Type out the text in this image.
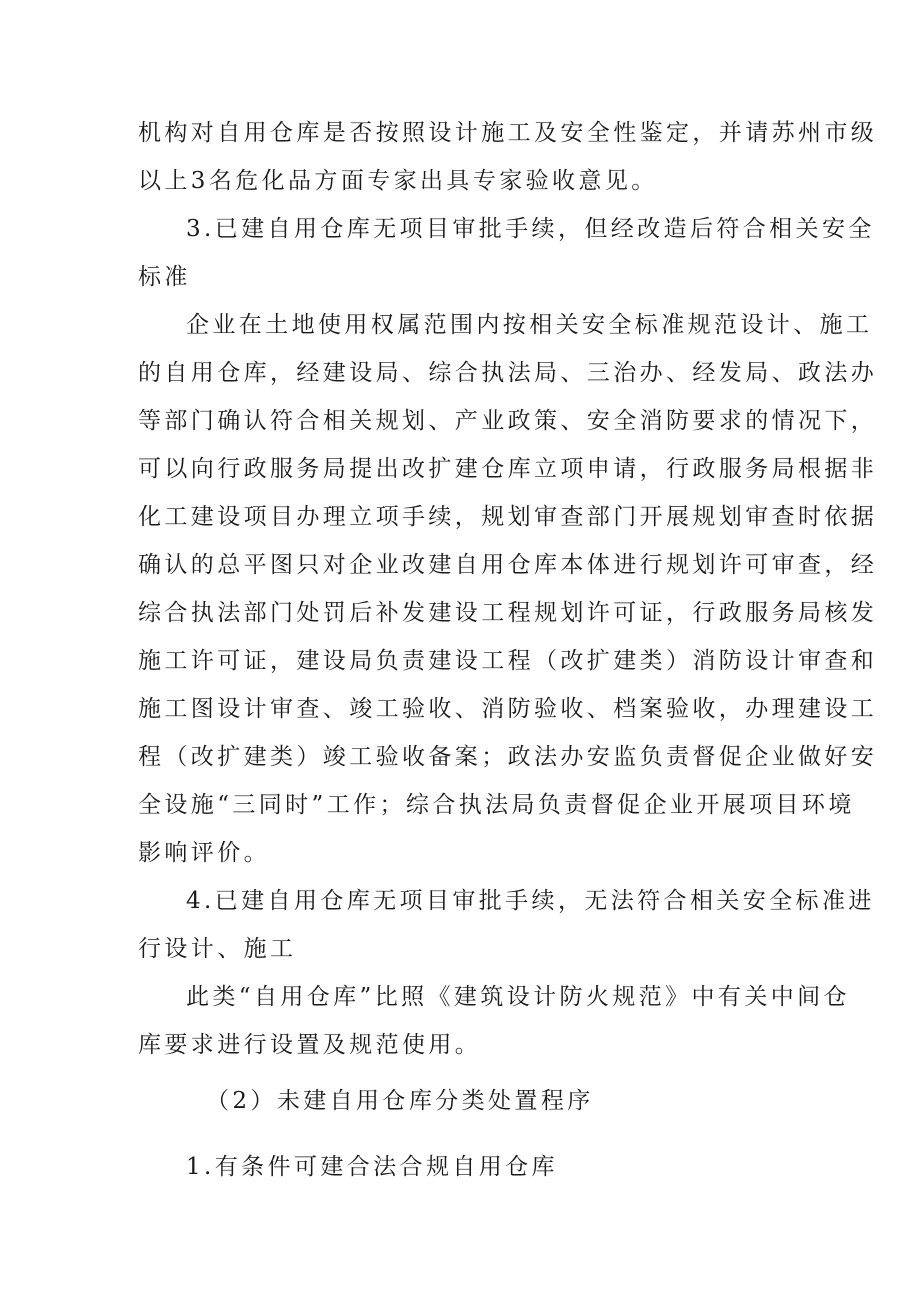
机构对自用仓库是否按照设计施工及安全性鉴定，并请苏州市级
以上3名危化品方面专家出具专家验收意见。
3.已建自用仓库无项目审批手续，但经改造后符合相关安全
标准
企业在土地使用权属范围内按相关安全标准规范设计、施工
的自用仓库，经建设局、综合执法局、三治办、经发局、政法办
等部门确认符合相关规划、产业政策、安全消防要求的情况下，
可以向行政服务局提出改扩建仓库立项申请，行政服务局根据非
化工建设项目办理立项手续，规划审查部门开展规划审查时依据
确认的总平图只对企业改建自用仓库本体进行规划许可审查，经
综合执法部门处罚后补发建设工程规划许可证，行政服务局核发
施工许可证，建设局负责建设工程（改扩建类）消防设计审查和
施工图设计审查、竣工验收、消防验收、档案验收，办理建设工
程（改扩建类）竣工验收备案；政法办安监负责督促企业做好安
全设施“三同时”工作；综合执法局负责督促企业开展项目环境
影响评价。
4.已建自用仓库无项目审批手续，无法符合相关安全标准进
行设计、施工
此类“自用仓库”比照《建筑设计防火规范》中有关中间仓
库要求进行设置及规范使用。
（2）未建自用仓库分类处置程序
1.有条件可建合法合规自用仓库
